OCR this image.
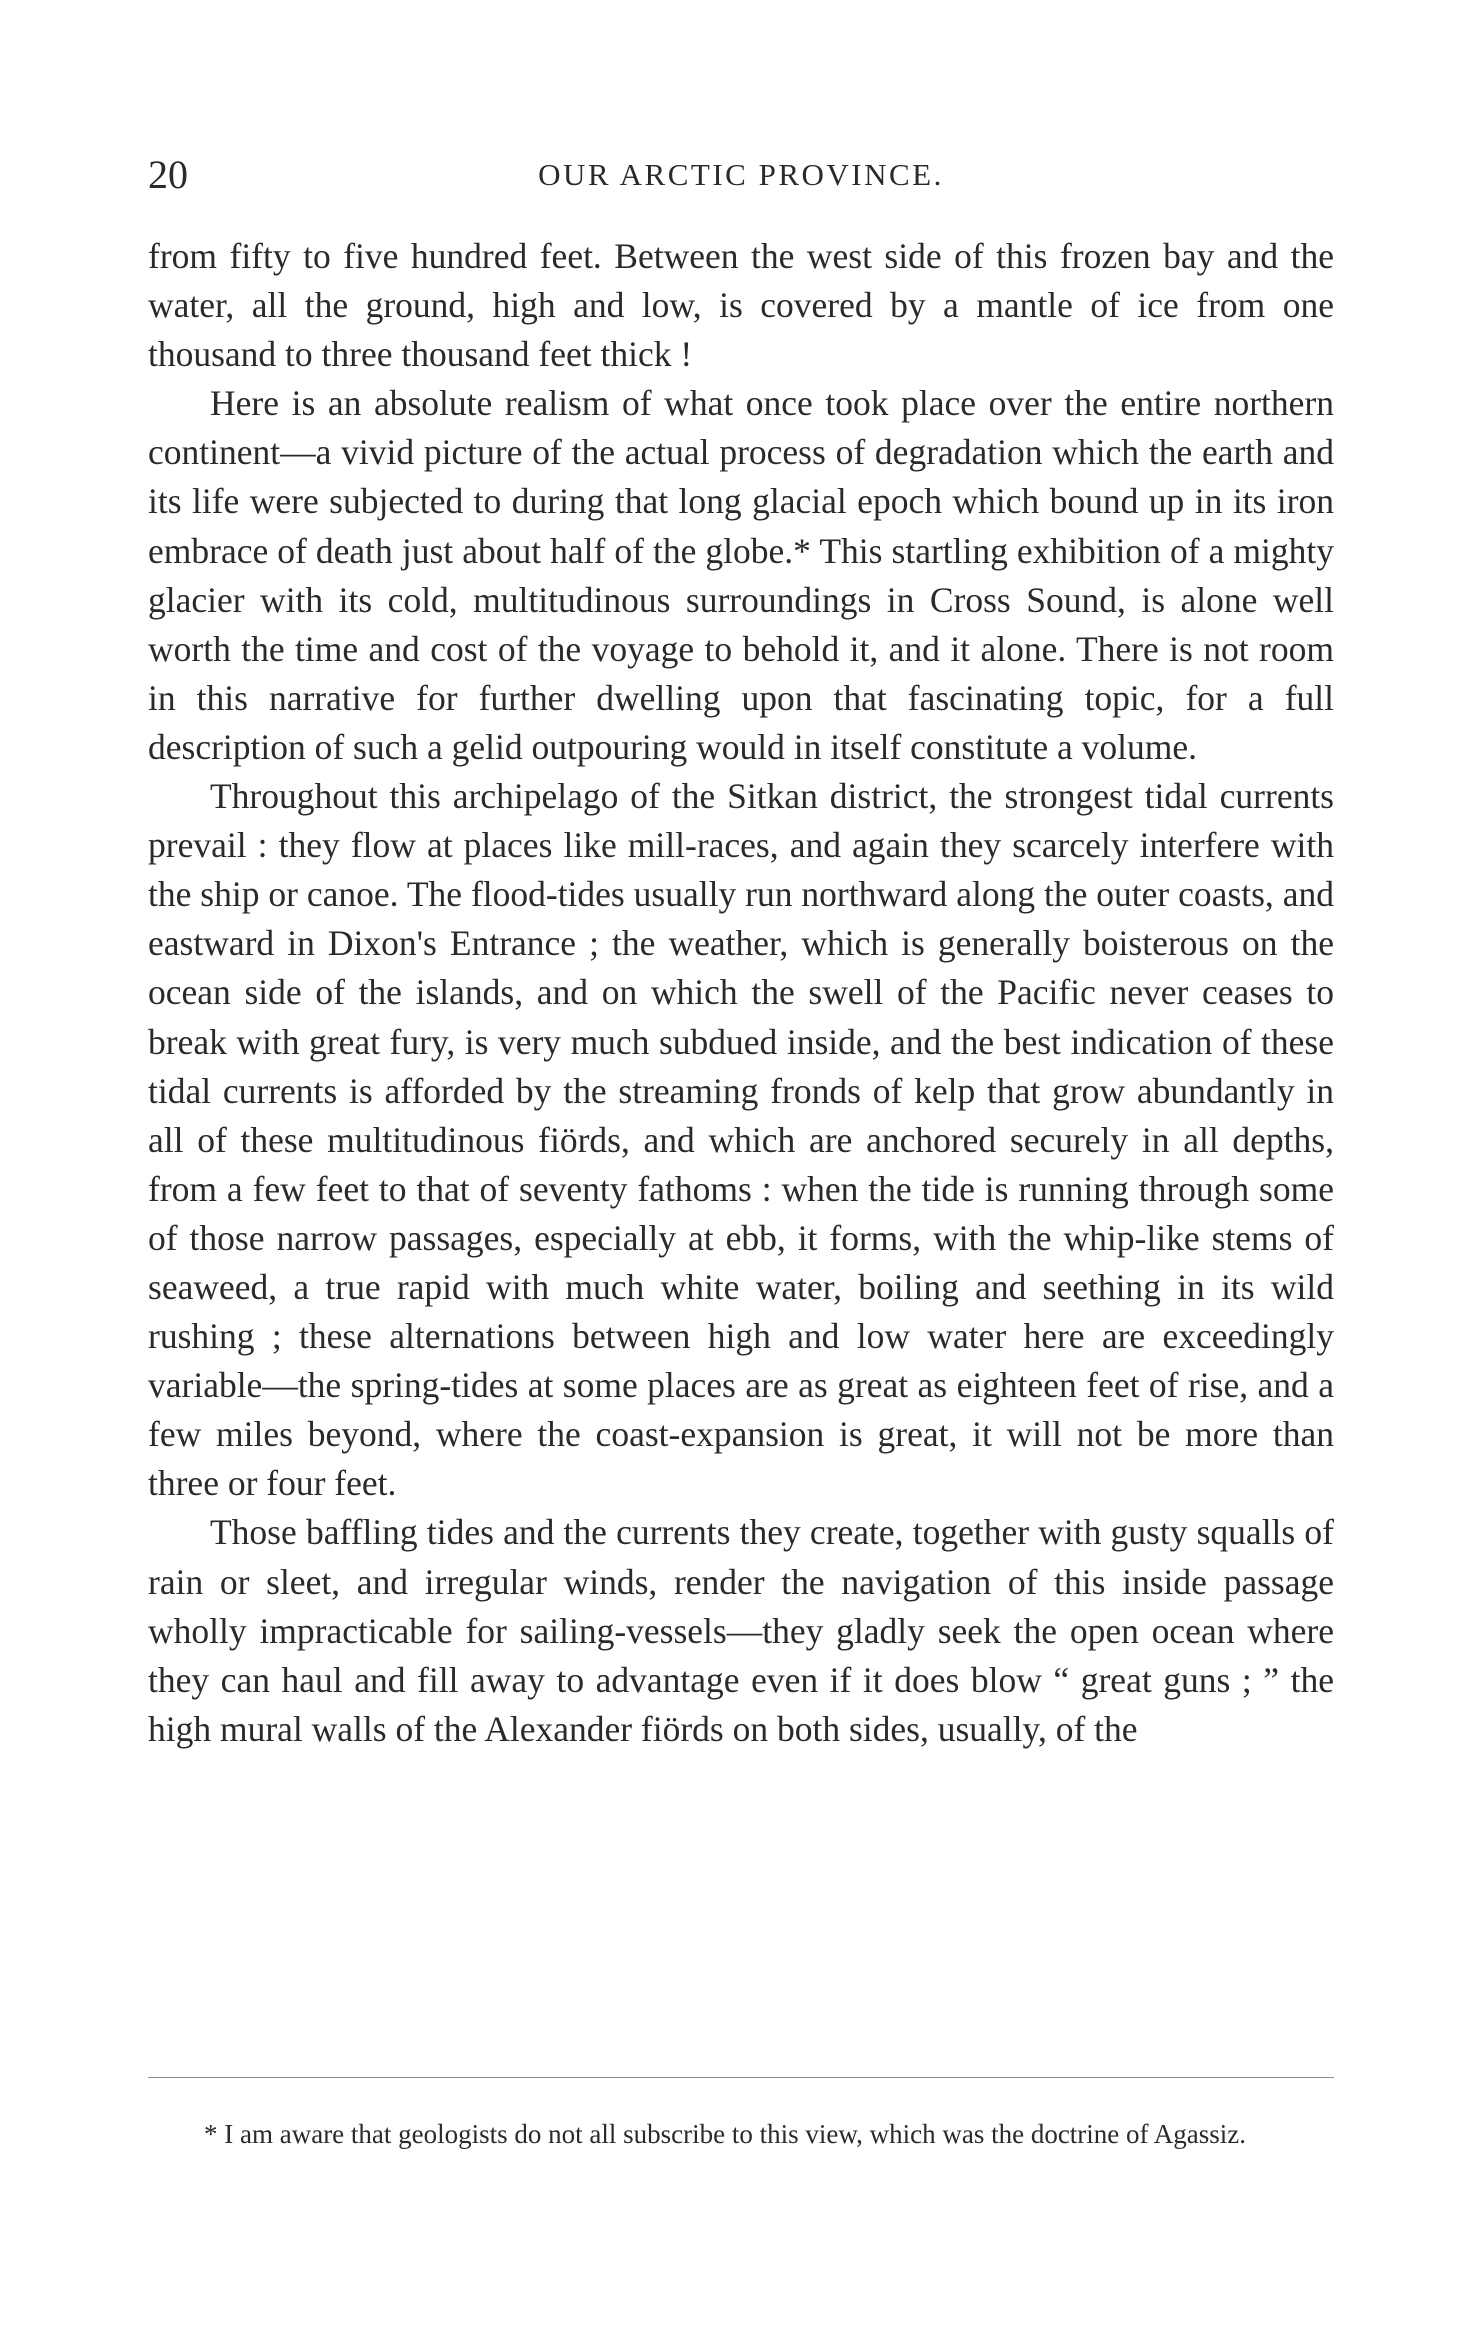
20	OUR ARCTIC PROVINCE.

from fifty to five hundred feet. Between the west side of this frozen bay and the water, all the ground, high and low, is covered by a mantle of ice from one thousand to three thousand feet thick !

Here is an absolute realism of what once took place over the entire northern continent—a vivid picture of the actual process of degradation which the earth and its life were subjected to during that long glacial epoch which bound up in its iron embrace of death just about half of the globe.* This startling exhibition of a mighty glacier with its cold, multitudinous surroundings in Cross Sound, is alone well worth the time and cost of the voyage to behold it, and it alone. There is not room in this narrative for further dwelling upon that fascinating topic, for a full description of such a gelid outpouring would in itself constitute a volume.

Throughout this archipelago of the Sitkan district, the strongest tidal currents prevail : they flow at places like mill-races, and again they scarcely interfere with the ship or canoe. The flood-tides usually run northward along the outer coasts, and eastward in Dixon's Entrance ; the weather, which is generally boisterous on the ocean side of the islands, and on which the swell of the Pacific never ceases to break with great fury, is very much subdued inside, and the best indication of these tidal currents is afforded by the streaming fronds of kelp that grow abundantly in all of these multitudinous fiörds, and which are anchored securely in all depths, from a few feet to that of seventy fathoms : when the tide is running through some of those narrow passages, especially at ebb, it forms, with the whip-like stems of seaweed, a true rapid with much white water, boiling and seething in its wild rushing ; these alternations between high and low water here are exceedingly variable—the spring-tides at some places are as great as eighteen feet of rise, and a few miles beyond, where the coast-expansion is great, it will not be more than three or four feet.

Those baffling tides and the currents they create, together with gusty squalls of rain or sleet, and irregular winds, render the navigation of this inside passage wholly impracticable for sailing-vessels—they gladly seek the open ocean where they can haul and fill away to advantage even if it does blow “ great guns ; ” the high mural walls of the Alexander fiörds on both sides, usually, of the

* I am aware that geologists do not all subscribe to this view, which was the doctrine of Agassiz.
